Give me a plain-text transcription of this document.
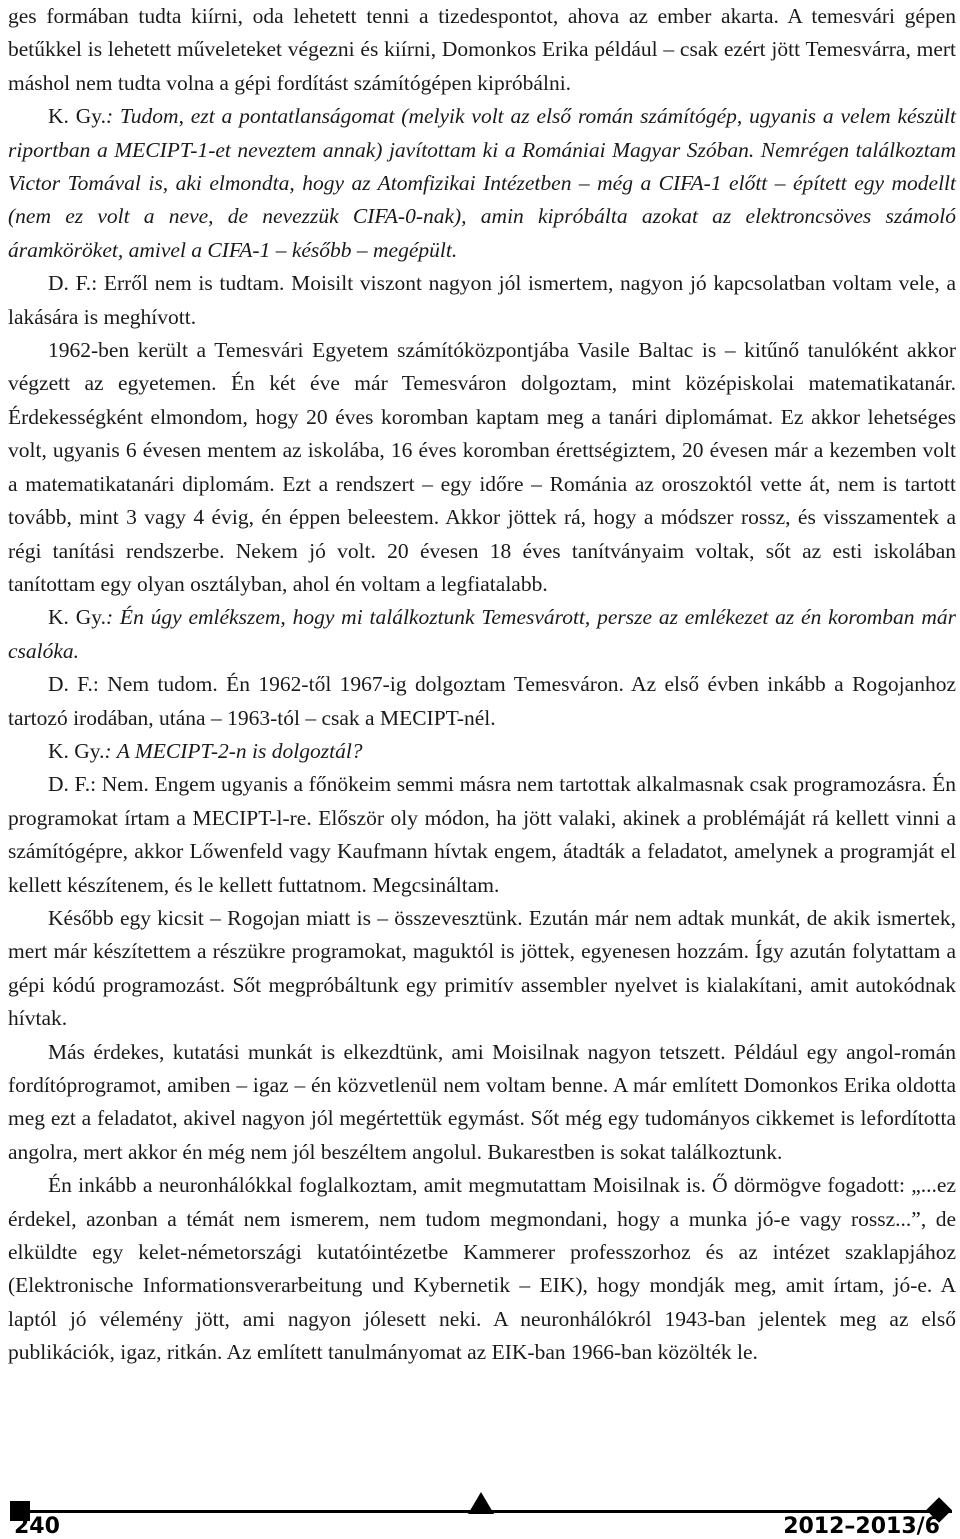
ges formában tudta kiírni, oda lehetett tenni a tizedespontot, ahova az ember akarta. A temesvári gépen betűkkel is lehetett műveleteket végezni és kiírni, Domonkos Erika például – csak ezért jött Temesvárra, mert máshol nem tudta volna a gépi fordítást számítógépen kipróbálni.

K. Gy.: Tudom, ezt a pontatlanságomat (melyik volt az első román számítógép, ugyanis a velem készült riportban a MECIPT-1-et neveztem annak) javítottam ki a Romániai Magyar Szóban. Nemrégen találkoztam Victor Tomával is, aki elmondta, hogy az Atomfizikai Intézetben – még a CIFA-1 előtt – épített egy modellt (nem ez volt a neve, de nevezzük CIFA-0-nak), amin kipróbálta azokat az elektroncsöves számoló áramköröket, amivel a CIFA-1 – később – megépült.

D. F.: Erről nem is tudtam. Moisilt viszont nagyon jól ismertem, nagyon jó kapcsolatban voltam vele, a lakására is meghívott.

1962-ben került a Temesvári Egyetem számítóközpontjába Vasile Baltac is – kitűnő tanulóként akkor végzett az egyetemen. Én két éve már Temesváron dolgoztam, mint középiskolai matematikatanár. Érdekességként elmondom, hogy 20 éves koromban kaptam meg a tanári diplomámat. Ez akkor lehetséges volt, ugyanis 6 évesen mentem az iskolába, 16 éves koromban érettségiztem, 20 évesen már a kezemben volt a matematikatanári diplomám. Ezt a rendszert – egy időre – Románia az oroszoktól vette át, nem is tartott tovább, mint 3 vagy 4 évig, én éppen beleestem. Akkor jöttek rá, hogy a módszer rossz, és visszamentek a régi tanítási rendszerbe. Nekem jó volt. 20 évesen 18 éves tanítványaim voltak, sőt az esti iskolában tanítottam egy olyan osztályban, ahol én voltam a legfiatalabb.

K. Gy.: Én úgy emlékszem, hogy mi találkoztunk Temesvárott, persze az emlékezet az én koromban már csalóka.

D. F.: Nem tudom. Én 1962-től 1967-ig dolgoztam Temesváron. Az első évben inkább a Rogojanhoz tartozó irodában, utána – 1963-tól – csak a MECIPT-nél.

K. Gy.: A MECIPT-2-n is dolgoztál?

D. F.: Nem. Engem ugyanis a főnökeim semmi másra nem tartottak alkalmasnak csak programozásra. Én programokat írtam a MECIPT-l-re. Először oly módon, ha jött valaki, akinek a problémáját rá kellett vinni a számítógépre, akkor Lőwenfeld vagy Kaufmann hívtak engem, átadták a feladatot, amelynek a programját el kellett készítenem, és le kellett futtatnom. Megcsináltam.

Később egy kicsit – Rogojan miatt is – összevesztünk. Ezután már nem adtak munkát, de akik ismertek, mert már készítettem a részükre programokat, maguktól is jöttek, egyenesen hozzám. Így azután folytattam a gépi kódú programozást. Sőt megpróbáltunk egy primitív assembler nyelvet is kialakítani, amit autokódnak hívtak.

Más érdekes, kutatási munkát is elkezdtünk, ami Moisilnak nagyon tetszett. Például egy angol-román fordítóprogramot, amiben – igaz – én közvetlenül nem voltam benne. A már említett Domonkos Erika oldotta meg ezt a feladatot, akivel nagyon jól megértettük egymást. Sőt még egy tudományos cikkemet is lefordította angolra, mert akkor én még nem jól beszéltem angolul. Bukarestben is sokat találkoztunk.

Én inkább a neuronhálókkal foglalkoztam, amit megmutattam Moisilnak is. Ő dörmögve fogadott: „...ez érdekel, azonban a témát nem ismerem, nem tudom megmondani, hogy a munka jó-e vagy rossz...”, de elküldte egy kelet-németországi kutatóintézetbe Kammerer professzorhoz és az intézet szaklapjához (Elektronische Informationsverarbeitung und Kybernetik – EIK), hogy mondják meg, amit írtam, jó-e. A laptól jó vélemény jött, ami nagyon jólesett neki. A neuronhálókról 1943-ban jelentek meg az első publikációk, igaz, ritkán. Az említett tanulmányomat az EIK-ban 1966-ban közölték le.

240	2012–2013/6
